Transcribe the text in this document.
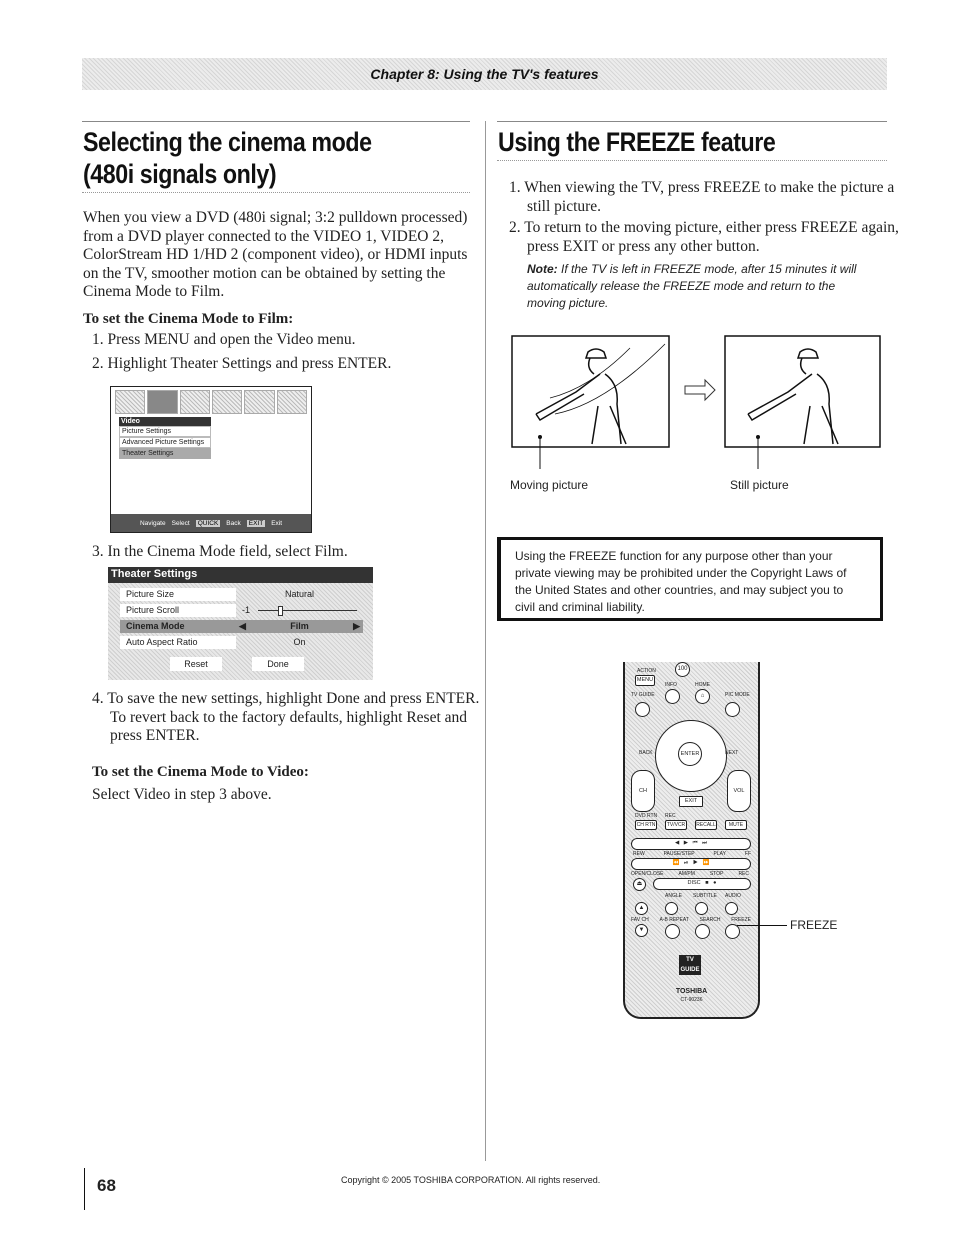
Chapter 8: Using the TV's features
Selecting the cinema mode
(480i signals only)
When you view a DVD (480i signal; 3:2 pulldown processed) from a DVD player connected to the VIDEO 1, VIDEO 2, ColorStream HD 1/HD 2 (component video), or HDMI inputs on the TV, smoother motion can be obtained by setting the Cinema Mode to Film.
To set the Cinema Mode to Film:
1. Press MENU and open the Video menu.
2. Highlight Theater Settings and press ENTER.
Video
Picture Settings
Advanced Picture Settings
Theater Settings
Navigate Select	QUICK	Back	EXIT	Exit
3. In the Cinema Mode field, select Film.
Theater Settings
Picture Size	Natural
Picture Scroll	-1
Cinema Mode	◀	Film	▶
Auto Aspect Ratio	On
Reset	Done
4. To save the new settings, highlight Done and press ENTER. To revert back to the factory defaults, highlight Reset and press ENTER.
To set the Cinema Mode to Video:
Select Video in step 3 above.
Using the FREEZE feature
1. When viewing the TV, press FREEZE to make the picture a still picture.
2. To return to the moving picture, either press FREEZE again, press EXIT or press any other button.
Note: If the TV is left in FREEZE mode, after 15 minutes it will automatically release the FREEZE mode and return to the moving picture.
Moving picture	Still picture
Using the FREEZE function for any purpose other than your private viewing may be prohibited under the Copyright Laws of the United States and other countries, and may subject you to civil and criminal liability.
ACTION
MENU
100
INFO	HOME
⌂
TV GUIDE	PIC MODE
ENTER
BACK	NEXT
CH	VOL
EXIT
DVD RTN REC
CH RTN	TV/VCR	RECALL	MUTE
◀   ▶   ⏮   ⏭
REW	PAUSE/STEP	PLAY	FF
⏪   ⏯   ▶   ⏩
OPEN/CLOSE	AM/PM	STOP	REC
⏏	DISC   ■   ●
ANGLE SUBTITLE AUDIO
▲
FAV CH A-B REPEAT SEARCH FREEZE
▼
TV GUIDE
TOSHIBA
CT-90236
FREEZE
68	Copyright © 2005 TOSHIBA CORPORATION. All rights reserved.
